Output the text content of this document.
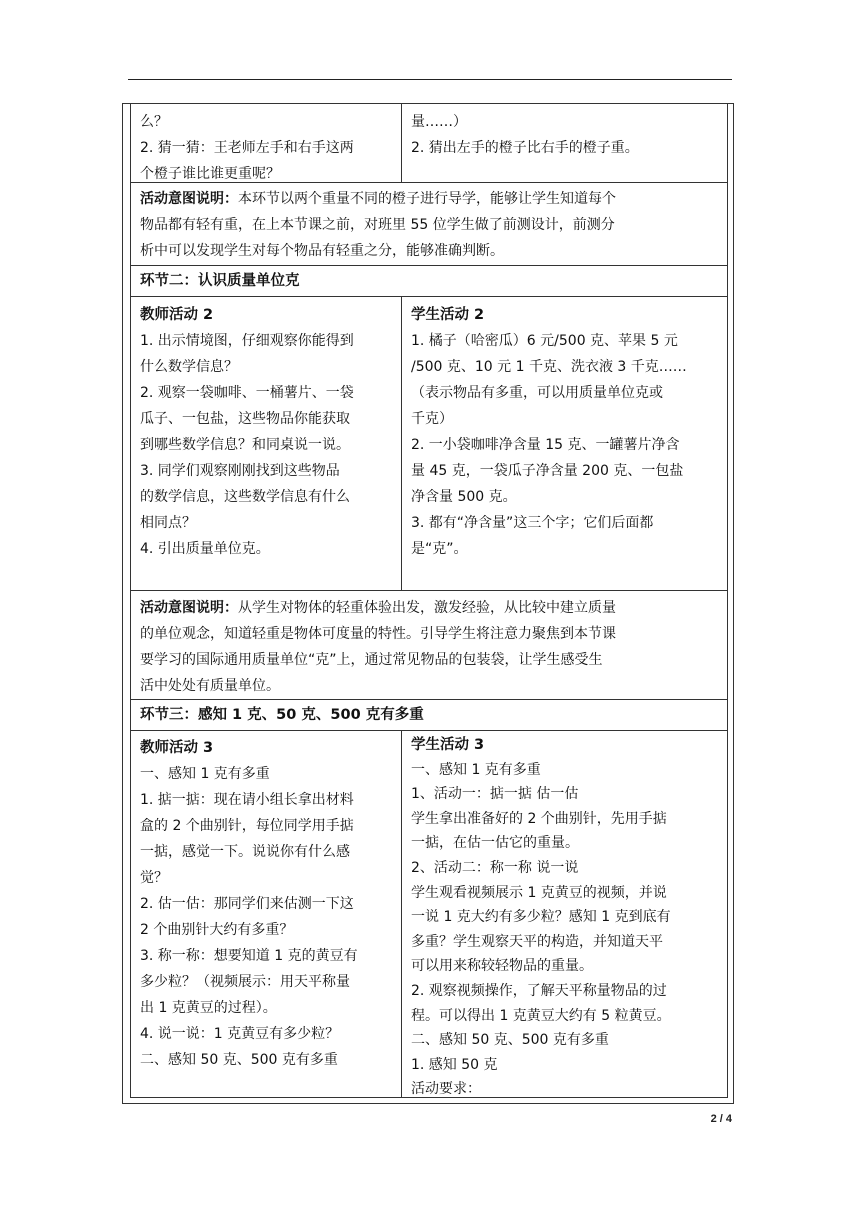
么？

2. 猜一猜：王老师左手和右手这两

个橙子谁比谁更重呢？

量……）

2. 猜出左手的橙子比右手的橙子重。

活动意图说明：本环节以两个重量不同的橙子进行导学，能够让学生知道每个

物品都有轻有重，在上本节课之前，对班里 55 位学生做了前测设计，前测分

析中可以发现学生对每个物品有轻重之分，能够准确判断。

环节二：认识质量单位克

教师活动 2

1. 出示情境图，仔细观察你能得到

什么数学信息？

2. 观察一袋咖啡、一桶薯片、一袋

瓜子、一包盐，这些物品你能获取

到哪些数学信息？和同桌说一说。

3. 同学们观察刚刚找到这些物品

的数学信息，这些数学信息有什么

相同点？

4. 引出质量单位克。

学生活动 2

1. 橘子（哈密瓜）6 元/500 克、苹果 5 元

/500 克、10 元 1 千克、洗衣液 3 千克……

（表示物品有多重，可以用质量单位克或

千克）

2. 一小袋咖啡净含量 15 克、一罐薯片净含

量 45 克，一袋瓜子净含量 200 克、一包盐

净含量 500 克。

3. 都有“净含量”这三个字；它们后面都

是“克”。

活动意图说明：从学生对物体的轻重体验出发，激发经验，从比较中建立质量

的单位观念，知道轻重是物体可度量的特性。引导学生将注意力聚焦到本节课

要学习的国际通用质量单位“克”上，通过常见物品的包装袋，让学生感受生

活中处处有质量单位。

环节三：感知 1 克、50 克、500 克有多重

教师活动 3

一、感知 1 克有多重

1. 掂一掂：现在请小组长拿出材料

盒的 2 个曲别针，每位同学用手掂

一掂，感觉一下。说说你有什么感

觉？

2. 估一估：那同学们来估测一下这

2 个曲别针大约有多重？

3. 称一称：想要知道 1 克的黄豆有

多少粒？（视频展示：用天平称量

出 1 克黄豆的过程）。

4. 说一说：1 克黄豆有多少粒？

二、感知 50 克、500 克有多重

学生活动 3

一、感知 1 克有多重

1、活动一：掂一掂 估一估

学生拿出准备好的 2 个曲别针，先用手掂

一掂，在估一估它的重量。

2、活动二：称一称 说一说

学生观看视频展示 1 克黄豆的视频，并说

一说 1 克大约有多少粒？感知 1 克到底有

多重？学生观察天平的构造，并知道天平

可以用来称较轻物品的重量。

2. 观察视频操作，了解天平称量物品的过

程。可以得出 1 克黄豆大约有 5 粒黄豆。

二、感知 50 克、500 克有多重

1. 感知 50 克

活动要求：

2 / 4
